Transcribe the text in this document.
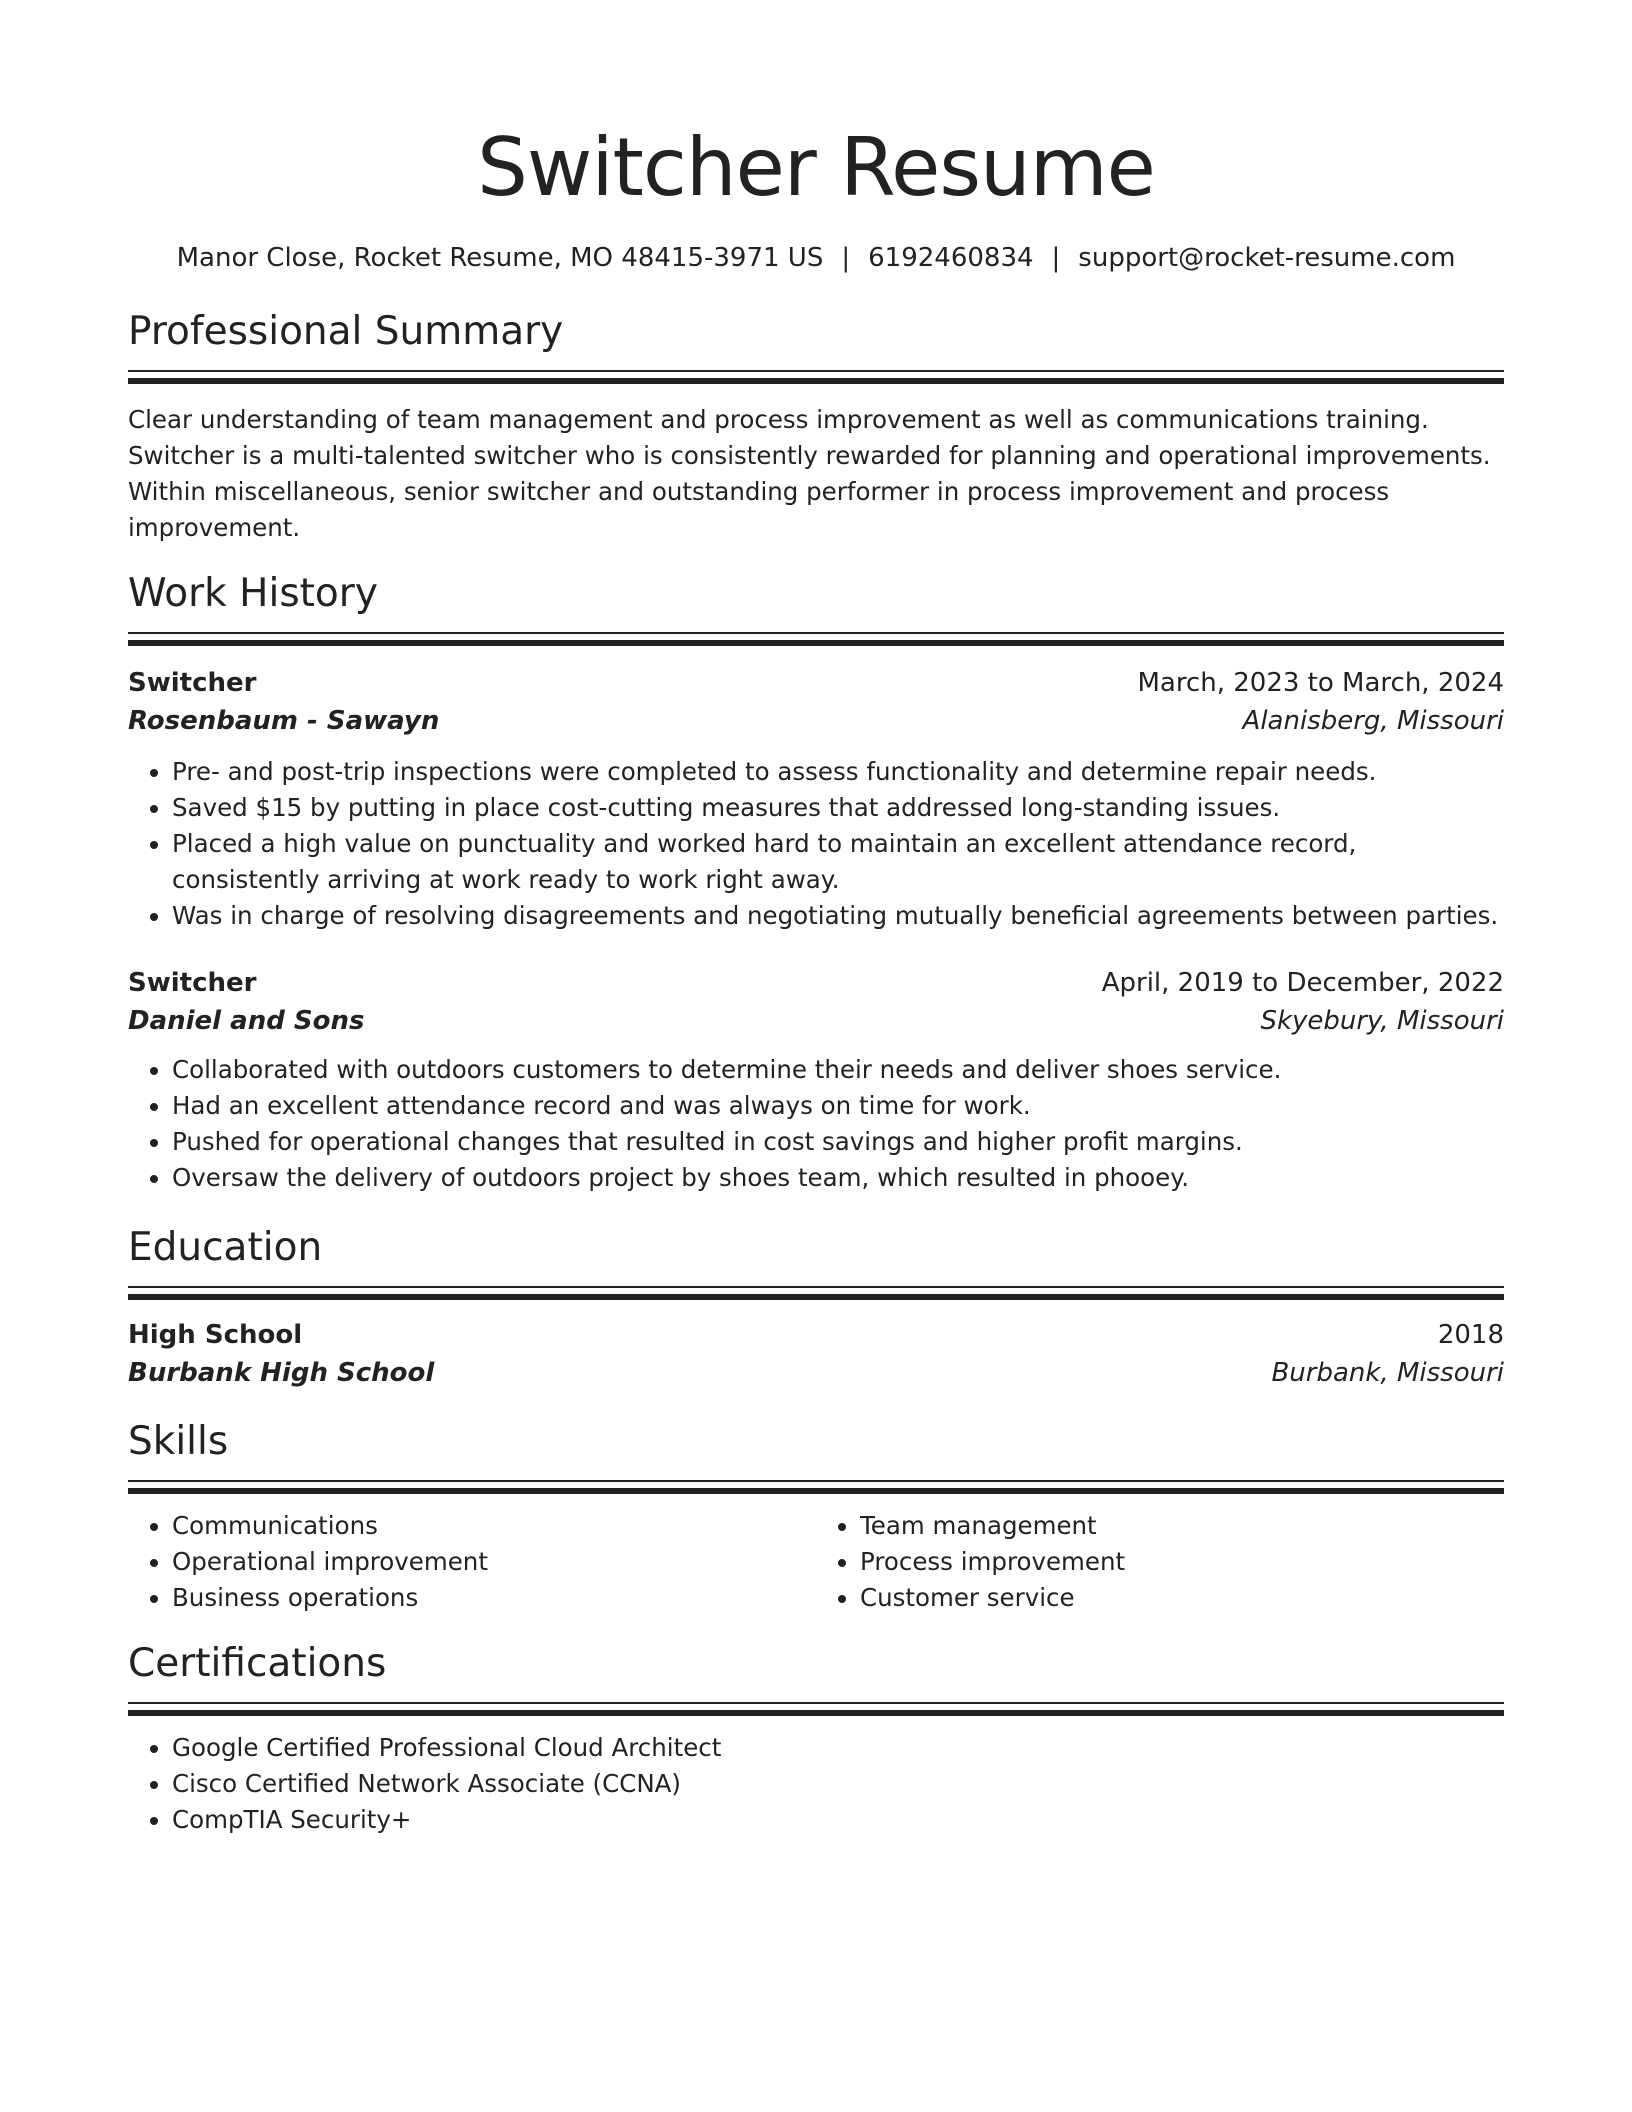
Switcher Resume
Manor Close, Rocket Resume, MO 48415-3971 US | 6192460834 | support@rocket-resume.com
Professional Summary
Clear understanding of team management and process improvement as well as communications training. Switcher is a multi-talented switcher who is consistently rewarded for planning and operational improvements. Within miscellaneous, senior switcher and outstanding performer in process improvement and process improvement.
Work History
Switcher	March, 2023 to March, 2024
Rosenbaum - Sawayn	Alanisberg, Missouri
• Pre- and post-trip inspections were completed to assess functionality and determine repair needs.
• Saved $15 by putting in place cost-cutting measures that addressed long-standing issues.
• Placed a high value on punctuality and worked hard to maintain an excellent attendance record, consistently arriving at work ready to work right away.
• Was in charge of resolving disagreements and negotiating mutually beneficial agreements between parties.
Switcher	April, 2019 to December, 2022
Daniel and Sons	Skyebury, Missouri
• Collaborated with outdoors customers to determine their needs and deliver shoes service.
• Had an excellent attendance record and was always on time for work.
• Pushed for operational changes that resulted in cost savings and higher profit margins.
• Oversaw the delivery of outdoors project by shoes team, which resulted in phooey.
Education
High School	2018
Burbank High School	Burbank, Missouri
Skills
• Communications
• Operational improvement
• Business operations
• Team management
• Process improvement
• Customer service
Certifications
• Google Certified Professional Cloud Architect
• Cisco Certified Network Associate (CCNA)
• CompTIA Security+
